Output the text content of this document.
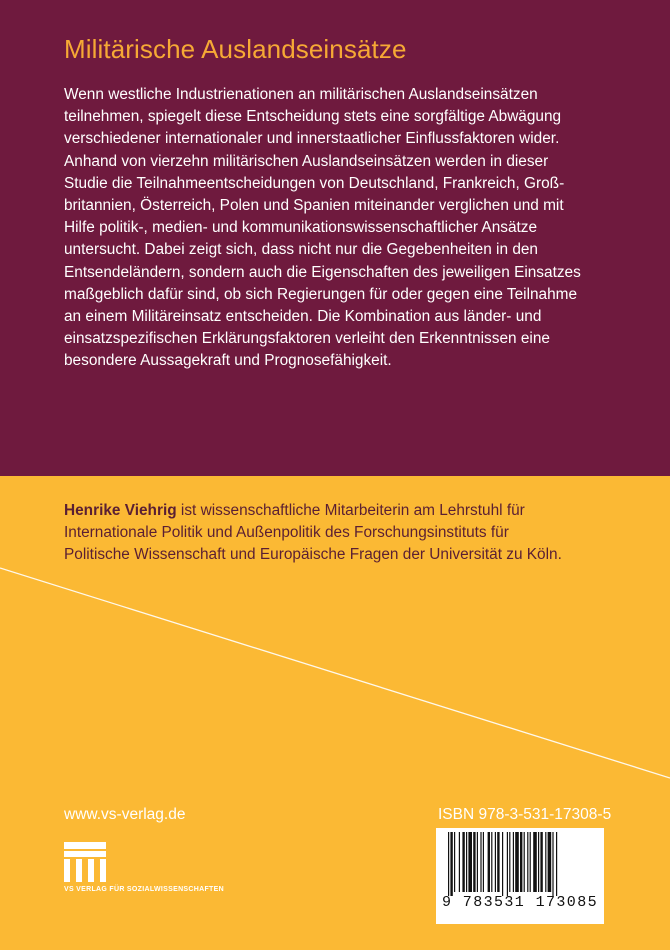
Militärische Auslandseinsätze
Wenn westliche Industrienationen an militärischen Auslandseinsätzen
teilnehmen, spiegelt diese Entscheidung stets eine sorgfältige Abwägung
verschiedener internationaler und innerstaatlicher Einflussfaktoren wider.
Anhand von vierzehn militärischen Auslandseinsätzen werden in dieser
Studie die Teilnahmeentscheidungen von Deutschland, Frankreich, Groß-
britannien, Österreich, Polen und Spanien miteinander verglichen und mit
Hilfe politik-, medien- und kommunikationswissenschaftlicher Ansätze
untersucht. Dabei zeigt sich, dass nicht nur die Gegebenheiten in den
Entsendeländern, sondern auch die Eigenschaften des jeweiligen Einsatzes
maßgeblich dafür sind, ob sich Regierungen für oder gegen eine Teilnahme
an einem Militäreinsatz entscheiden. Die Kombination aus länder- und
einsatzspezifischen Erklärungsfaktoren verleiht den Erkenntnissen eine
besondere Aussagekraft und Prognosefähigkeit.
Henrike Viehrig ist wissenschaftliche Mitarbeiterin am Lehrstuhl für
Internationale Politik und Außenpolitik des Forschungsinstituts für
Politische Wissenschaft und Europäische Fragen der Universität zu Köln.
www.vs-verlag.de	ISBN 978-3-531-17308-5
VS VERLAG FÜR SOZIALWISSENSCHAFTEN
9 783531 173085
